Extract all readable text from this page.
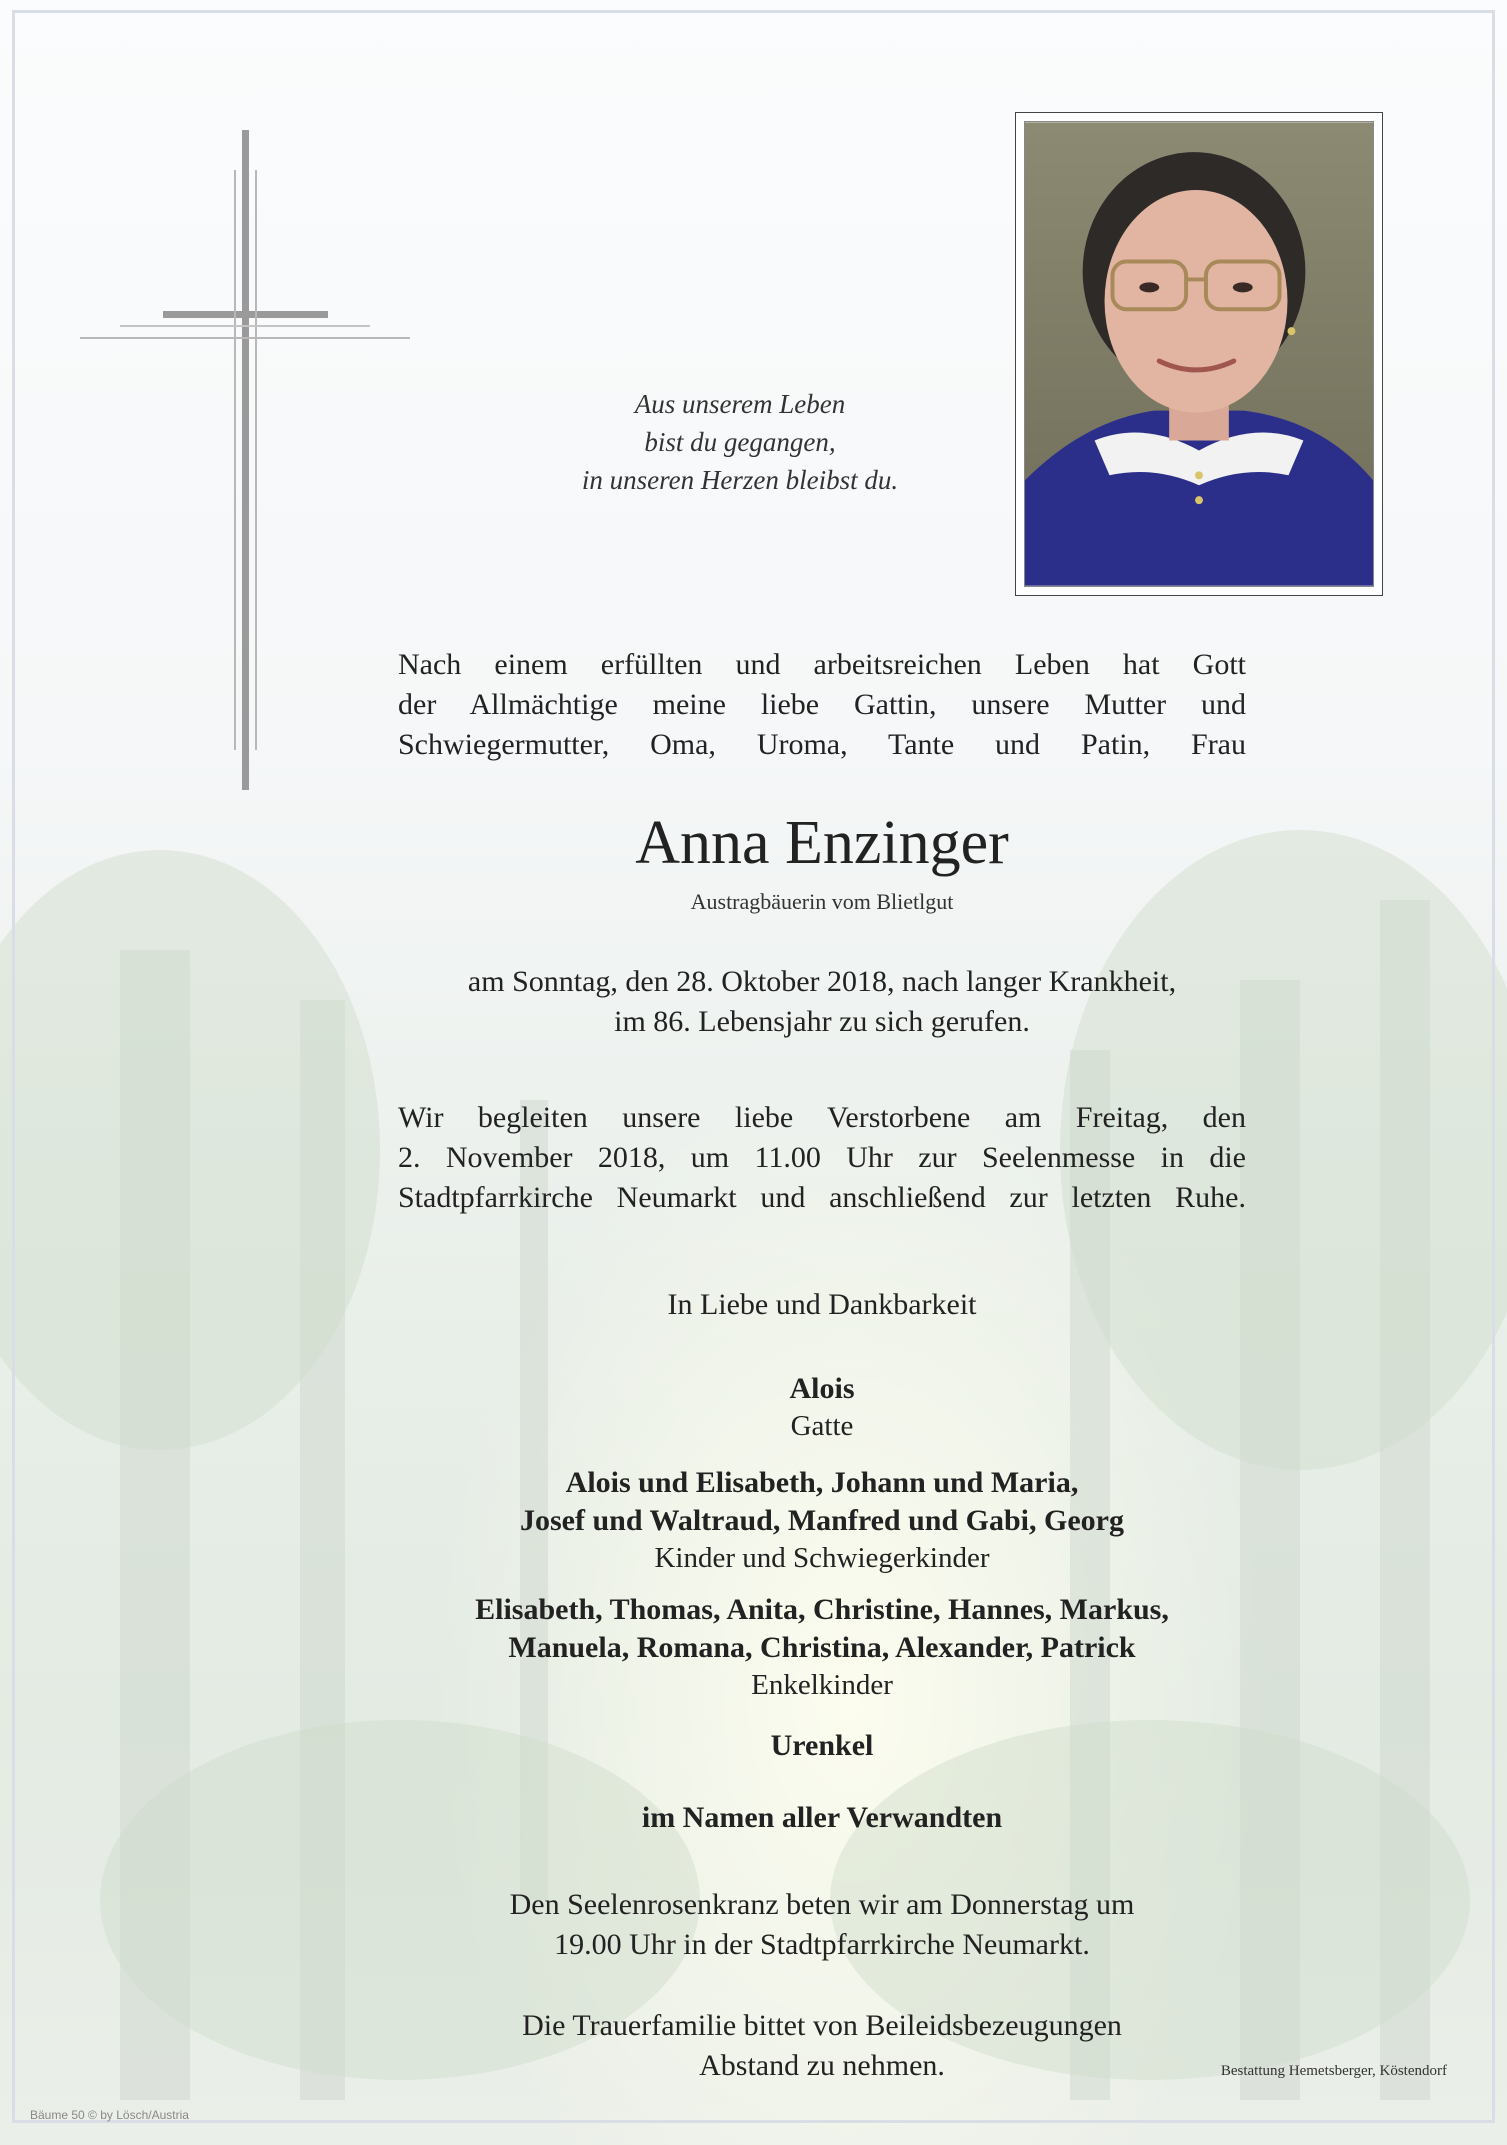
Aus unserem Leben
bist du gegangen,
in unseren Herzen bleibst du.
Nach einem erfüllten und arbeitsreichen Leben hat Gott
der Allmächtige meine liebe Gattin, unsere Mutter und
Schwiegermutter, Oma, Uroma, Tante und Patin, Frau
Anna Enzinger
Austragbäuerin vom Blietlgut
am Sonntag, den 28. Oktober 2018, nach langer Krankheit,
im 86. Lebensjahr zu sich gerufen.
Wir begleiten unsere liebe Verstorbene am Freitag, den
2. November 2018, um 11.00 Uhr zur Seelenmesse in die
Stadtpfarrkirche Neumarkt und anschließend zur letzten Ruhe.
In Liebe und Dankbarkeit
Alois
Gatte
Alois und Elisabeth, Johann und Maria,
Josef und Waltraud, Manfred und Gabi, Georg
Kinder und Schwiegerkinder
Elisabeth, Thomas, Anita, Christine, Hannes, Markus,
Manuela, Romana, Christina, Alexander, Patrick
Enkelkinder
Urenkel
im Namen aller Verwandten
Den Seelenrosenkranz beten wir am Donnerstag um
19.00 Uhr in der Stadtpfarrkirche Neumarkt.
Die Trauerfamilie bittet von Beileidsbezeugungen
Abstand zu nehmen.	Bestattung Hemetsberger, Köstendorf
Bäume 50 © by Lösch/Austria
